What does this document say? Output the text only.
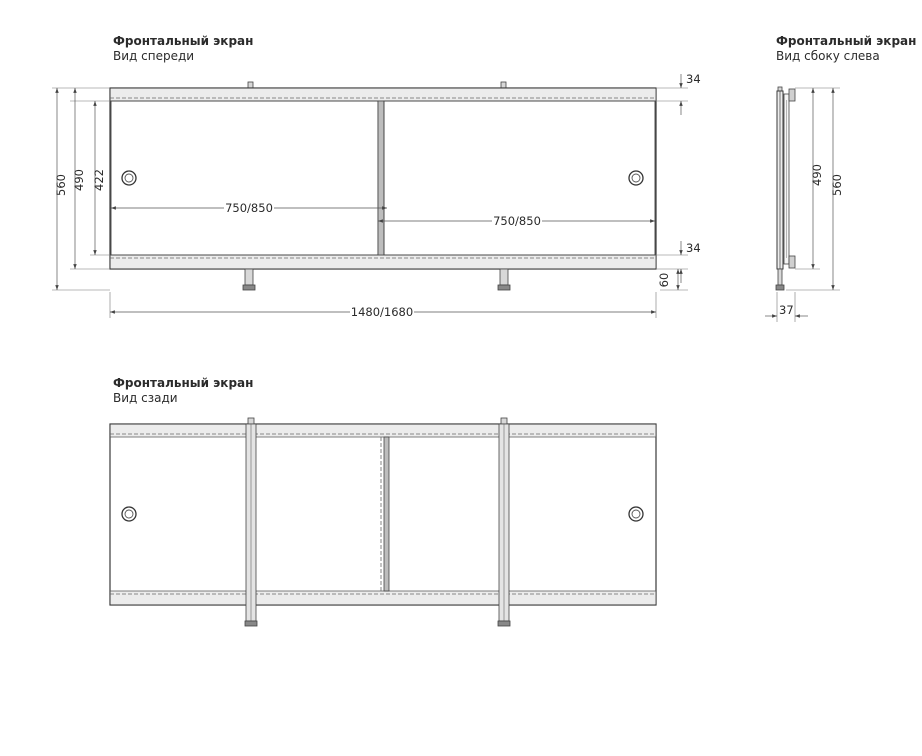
Фронтальный экран
Вид спереди
560 490 422
750/850
750/850
1480/1680
34
34
60
Фронтальный экран
Вид сбоку слева
490 560
37
Фронтальный экран
Вид сзади
